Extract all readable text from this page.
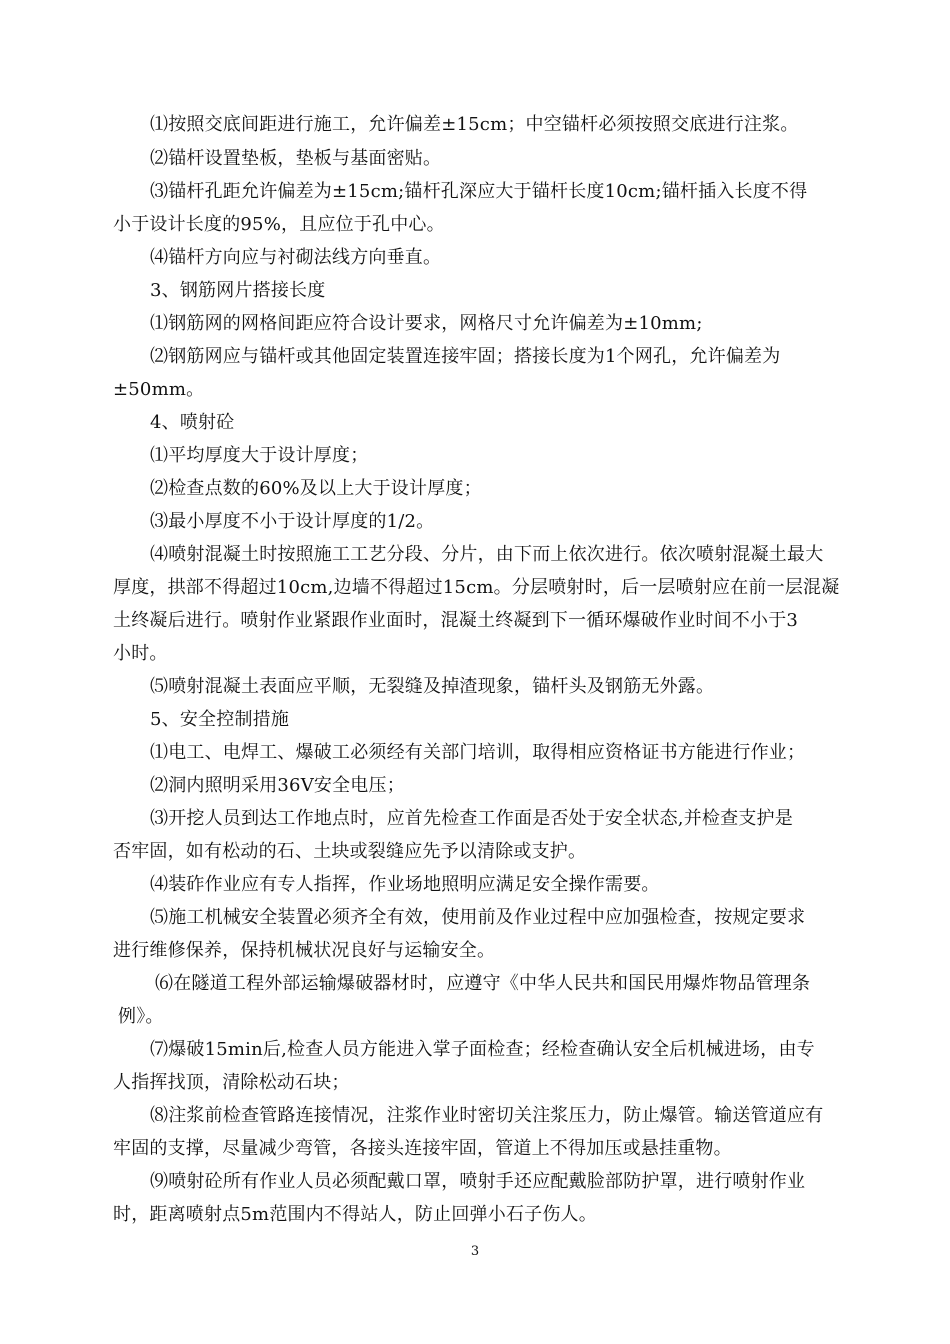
⑴按照交底间距进行施工，允许偏差±15cm；中空锚杆必须按照交底进行注浆。
⑵锚杆设置垫板，垫板与基面密贴。
⑶锚杆孔距允许偏差为±15cm;锚杆孔深应大于锚杆长度10cm;锚杆插入长度不得
小于设计长度的95%，且应位于孔中心。
⑷锚杆方向应与衬砌法线方向垂直。
3、钢筋网片搭接长度
⑴钢筋网的网格间距应符合设计要求，网格尺寸允许偏差为±10mm;
⑵钢筋网应与锚杆或其他固定装置连接牢固；搭接长度为1个网孔，允许偏差为
±50mm。
4、喷射砼
⑴平均厚度大于设计厚度；
⑵检查点数的60%及以上大于设计厚度；
⑶最小厚度不小于设计厚度的1/2。
⑷喷射混凝土时按照施工工艺分段、分片，由下而上依次进行。依次喷射混凝土最大
厚度，拱部不得超过10cm,边墙不得超过15cm。分层喷射时，后一层喷射应在前一层混凝
土终凝后进行。喷射作业紧跟作业面时，混凝土终凝到下一循环爆破作业时间不小于3
小时。
⑸喷射混凝土表面应平顺，无裂缝及掉渣现象，锚杆头及钢筋无外露。
5、安全控制措施
⑴电工、电焊工、爆破工必须经有关部门培训，取得相应资格证书方能进行作业；
⑵洞内照明采用36V安全电压；
⑶开挖人员到达工作地点时，应首先检查工作面是否处于安全状态,并检查支护是
否牢固，如有松动的石、土块或裂缝应先予以清除或支护。
⑷装砟作业应有专人指挥，作业场地照明应满足安全操作需要。
⑸施工机械安全装置必须齐全有效，使用前及作业过程中应加强检查，按规定要求
进行维修保养，保持机械状况良好与运输安全。
⑹在隧道工程外部运输爆破器材时，应遵守《中华人民共和国民用爆炸物品管理条
例》。
⑺爆破15min后,检查人员方能进入掌子面检查；经检查确认安全后机械进场，由专
人指挥找顶，清除松动石块；
⑻注浆前检查管路连接情况，注浆作业时密切关注浆压力，防止爆管。输送管道应有
牢固的支撑，尽量减少弯管，各接头连接牢固，管道上不得加压或悬挂重物。
⑼喷射砼所有作业人员必须配戴口罩，喷射手还应配戴脸部防护罩，进行喷射作业
时，距离喷射点5m范围内不得站人，防止回弹小石子伤人。
3
